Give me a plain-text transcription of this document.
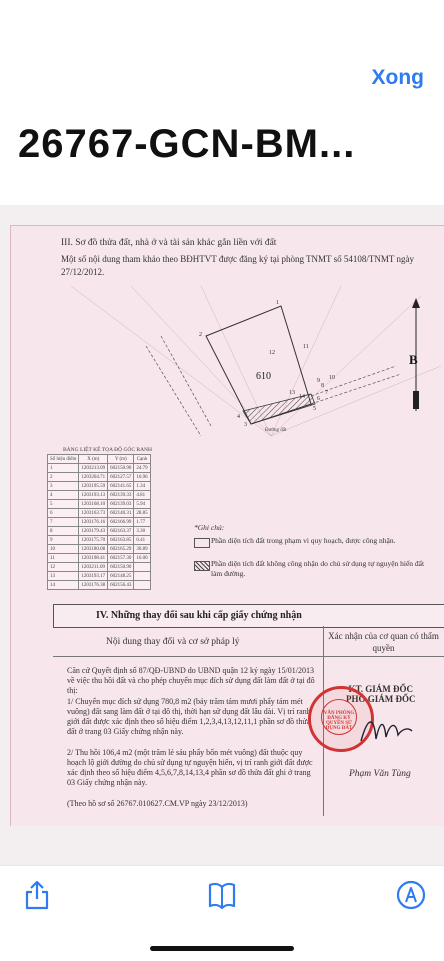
Xong
26767-GCN-BM...
III. Sơ đồ thửa đất, nhà ở và tài sản khác gắn liền với đất
Một số nội dung tham khảo theo BĐHTVT được đăng ký tại phòng TNMT số 54108/TNMT ngày 27/12/2012.
610
Đường đất
1
2
3
4
5
6
7
8
9 10
11
12
13
14
B
BẢNG LIỆT KÊ TỌA ĐỘ GÓC RANH
Số hiệu điểm	X (m)	Y (m)	Cạnh
1	1203213.09	602150.90	24.79
2	1203204.71	602127.57	16.96
3	1203195.59	602141.65	1.34
4	1203193.13	602139.33	4.81
5	1203168.10	602139.03	5.94
6	1203163.73	602140.31	28.85
7	1203176.16	602166.99	1.77
8	1203179.43	602163.37	3.30
9	1203175.70	602163.85	0.41
10	1203180.08	602165.29	30.89
11	1203198.41	602157.30	16.00
12	1203211.09	602150.90	
13	1203193.17	602148.25	
14	1203176.38	602156.43	
*Ghi chú:
Phần diện tích đất trong phạm vi quy hoạch, được công nhận.
Phần diện tích đất không công nhận do chủ sử dụng tự nguyện hiến đất làm đường.
IV. Những thay đổi sau khi cấp giấy chứng nhận
Nội dung thay đổi và cơ sở pháp lý
Xác nhận của cơ quan có thẩm quyền
Căn cứ Quyết định số 87/QĐ-UBND do UBND quận 12 ký ngày 15/01/2013 về việc thu hồi đất và cho phép chuyển mục đích sử dụng đất làm đất ở tại đô thị:
1/ Chuyển mục đích sử dụng 780,8 m2 (bảy trăm tám mươi phẩy tám mét vuông) đất sang làm đất ở tại đô thị, thời hạn sử dụng đất lâu dài. Vị trí ranh giới đất được xác định theo số hiệu điểm 1,2,3,4,13,12,11,1 phần sơ đồ thửa đất ở trang 03 Giấy chứng nhận này.
2/ Thu hồi 106,4 m2 (một trăm lẻ sáu phẩy bốn mét vuông) đất thuộc quy hoạch lộ giới đường do chủ sử dụng tự nguyện hiến, vị trí ranh giới đất được xác định theo số hiệu điểm 4,5,6,7,8,14,13,4 phần sơ đồ thửa đất ghi ở trang 03 Giấy chứng nhận này.
(Theo hồ sơ số 26767.010627.CM.VP ngày 23/12/2013)
KT. GIÁM ĐỐC
PHÓ GIÁM ĐỐC
VĂN PHÒNG ĐĂNG KÝ QUYỀN SỬ DỤNG ĐẤT
Phạm Văn Tùng
